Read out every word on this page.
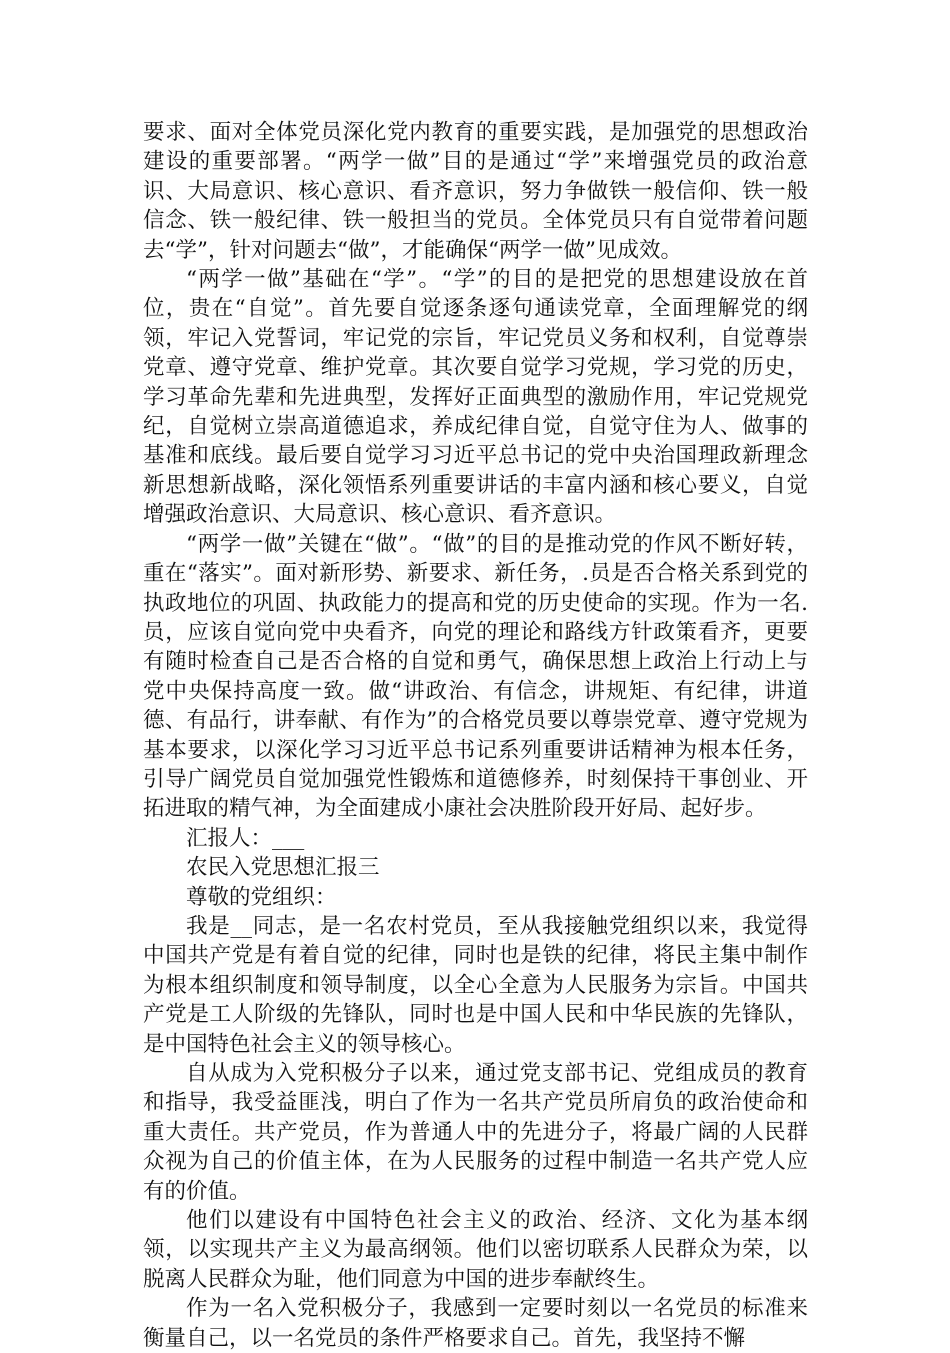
要求、面对全体党员深化党内教育的重要实践，是加强党的思想政治建设的重要部署。“两学一做”目的是通过“学”来增强党员的政治意识、大局意识、核心意识、看齐意识，努力争做铁一般信仰、铁一般信念、铁一般纪律、铁一般担当的党员。全体党员只有自觉带着问题去“学”，针对问题去“做”，才能确保“两学一做”见成效。

“两学一做”基础在“学”。“学”的目的是把党的思想建设放在首位，贵在“自觉”。首先要自觉逐条逐句通读党章，全面理解党的纲领，牢记入党誓词，牢记党的宗旨，牢记党员义务和权利，自觉尊崇党章、遵守党章、维护党章。其次要自觉学习党规，学习党的历史，学习革命先辈和先进典型，发挥好正面典型的激励作用，牢记党规党纪，自觉树立崇高道德追求，养成纪律自觉，自觉守住为人、做事的基准和底线。最后要自觉学习习近平总书记的党中央治国理政新理念新思想新战略，深化领悟系列重要讲话的丰富内涵和核心要义，自觉增强政治意识、大局意识、核心意识、看齐意识。

“两学一做”关键在“做”。“做”的目的是推动党的作风不断好转，重在“落实”。面对新形势、新要求、新任务，.员是否合格关系到党的执政地位的巩固、执政能力的提高和党的历史使命的实现。作为一名.员，应该自觉向党中央看齐，向党的理论和路线方针政策看齐，更要有随时检查自己是否合格的自觉和勇气，确保思想上政治上行动上与党中央保持高度一致。做“讲政治、有信念，讲规矩、有纪律，讲道德、有品行，讲奉献、有作为”的合格党员要以尊崇党章、遵守党规为基本要求，以深化学习习近平总书记系列重要讲话精神为根本任务，引导广阔党员自觉加强党性锻炼和道德修养，时刻保持干事创业、开拓进取的精气神，为全面建成小康社会决胜阶段开好局、起好步。

汇报人：___

农民入党思想汇报三

尊敬的党组织：

我是__同志，是一名农村党员，至从我接触党组织以来，我觉得中国共产党是有着自觉的纪律，同时也是铁的纪律，将民主集中制作为根本组织制度和领导制度，以全心全意为人民服务为宗旨。中国共产党是工人阶级的先锋队，同时也是中国人民和中华民族的先锋队，是中国特色社会主义的领导核心。

自从成为入党积极分子以来，通过党支部书记、党组成员的教育和指导，我受益匪浅，明白了作为一名共产党员所肩负的政治使命和重大责任。共产党员，作为普通人中的先进分子，将最广阔的人民群众视为自己的价值主体，在为人民服务的过程中制造一名共产党人应有的价值。

他们以建设有中国特色社会主义的政治、经济、文化为基本纲领，以实现共产主义为最高纲领。他们以密切联系人民群众为荣，以脱离人民群众为耻，他们同意为中国的进步奉献终生。

作为一名入党积极分子，我感到一定要时刻以一名党员的标准来衡量自己，以一名党员的条件严格要求自己。首先，我坚持不懈
